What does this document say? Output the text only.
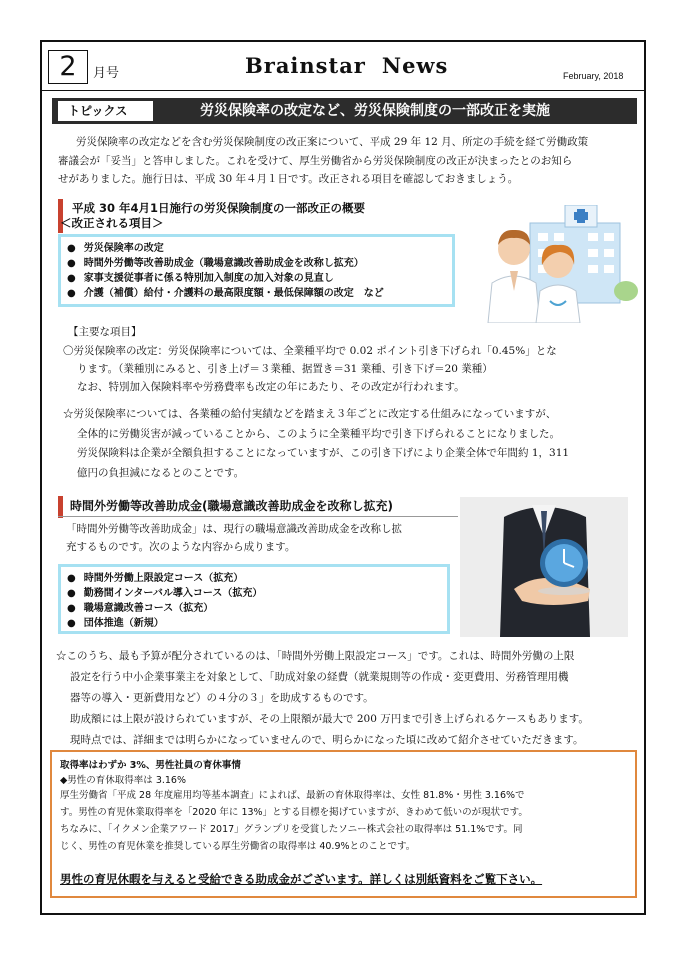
2	月号	Brainstar News	February, 2018
トピックス	労災保険率の改定など、労災保険制度の一部改正を実施
労災保険率の改定などを含む労災保険制度の改正案について、平成 29 年 12 月、所定の手続を経て労働政策
審議会が「妥当」と答申しました。これを受けて、厚生労働省から労災保険制度の改正が決まったとのお知ら
せがありました。施行日は、平成 30 年４月１日です。改正される項目を確認しておきましょう。
平成 30 年4月1日施行の労災保険制度の一部改正の概要
＜改正される項目＞
● 労災保険率の改定
● 時間外労働等改善助成金（職場意識改善助成金を改称し拡充）
● 家事支援従事者に係る特別加入制度の加入対象の見直し
● 介護（補償）給付・介護料の最高限度額・最低保障額の改定　など
【主要な項目】
〇労災保険率の改定：労災保険率については、全業種平均で 0.02 ポイント引き下げられ「0.45%」とな
ります。（業種別にみると、引き上げ＝３業種、据置き＝31 業種、引き下げ＝20 業種）
なお、特別加入保険料率や労務費率も改定の年にあたり、その改定が行われます。
☆労災保険率については、各業種の給付実績などを踏まえ３年ごとに改定する仕組みになっていますが、
全体的に労働災害が減っていることから、このように全業種平均で引き下げられることになりました。
労災保険料は企業が全額負担することになっていますが、この引き下げにより企業全体で年間約 1，311
億円の負担減になるとのことです。
時間外労働等改善助成金(職場意識改善助成金を改称し拡充)
「時間外労働等改善助成金」は、現行の職場意識改善助成金を改称し拡
充するものです。次のような内容から成ります。
● 時間外労働上限設定コース（拡充）
● 勤務間インターバル導入コース（拡充）
● 職場意識改善コース（拡充）
● 団体推進（新規）
☆このうち、最も予算が配分されているのは、「時間外労働上限設定コース」です。これは、時間外労働の上限
設定を行う中小企業事業主を対象として、「助成対象の経費（就業規則等の作成・変更費用、労務管理用機
器等の導入・更新費用など）の４分の３」を助成するものです。
助成額には上限が設けられていますが、その上限額が最大で 200 万円まで引き上げられるケースもあります。
現時点では、詳細までは明らかになっていませんので、明らかになった頃に改めて紹介させていただきます。
取得率はわずか 3%、男性社員の育休事情
◆男性の育休取得率は 3.16%
厚生労働省「平成 28 年度雇用均等基本調査」によれば、最新の育休取得率は、女性 81.8%・男性 3.16%で
す。男性の育児休業取得率を「2020 年に 13%」とする目標を掲げていますが、きわめて低いのが現状です。
ちなみに、「イクメン企業アワード 2017」グランプリを受賞したソニー株式会社の取得率は 51.1%です。同
じく、男性の育児休業を推奨している厚生労働省の取得率は 40.9%とのことです。
男性の育児休暇を与えると受給できる助成金がございます。詳しくは別紙資料をご覧下さい。
